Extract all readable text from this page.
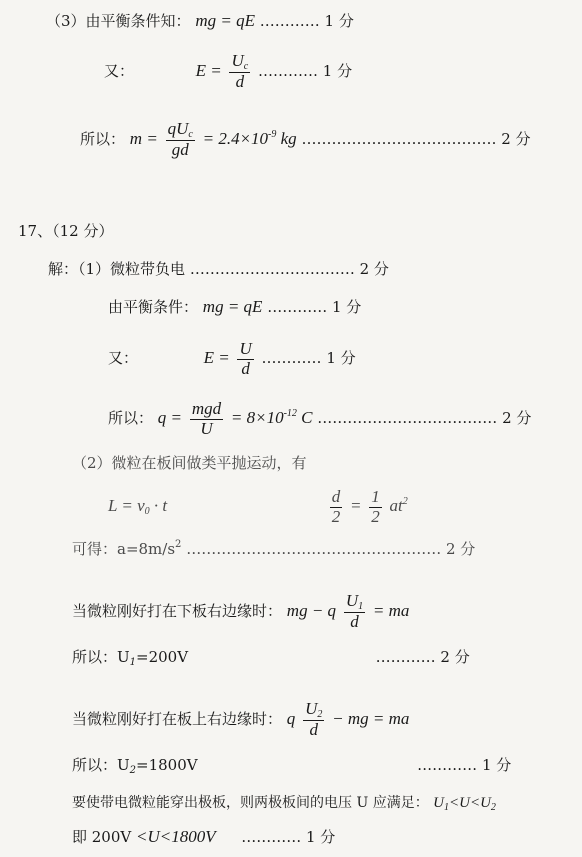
（3）由平衡条件知： mg = qE ………… 1 分
又：	$E = \frac{U_c}{d}$ ………… 1 分
所以： $m = \frac{qU_c}{gd} = 2.4\times 10^{-9}$ kg ………………………………… 2 分
17、（12 分）
解：（1）微粒带负电 …………………………… 2 分
由平衡条件： mg = qE ………… 1 分
又：	$E = \frac{U}{d}$ ………… 1 分
所以： $q = \frac{\text{mgd}}{U} = 8\times 10^{-12}$ C ……………………………… 2 分
（2）微粒在板间做类平抛运动，有
$L = v_0 \cdot t$	$\frac{d}{2} = \frac{1}{2} at^2$
可得：$a=8m/s^2$ …………………………………………… 2 分
当微粒刚好打在下板右边缘时： mg − q $\frac{U_1}{d}$ = ma
所以：$U_1=200V$	………… 2 分
当微粒刚好打在板上右边缘时： q $\frac{U_2}{d}$ − mg = ma
所以：$U_2=1800V$	………… 1 分
要使带电微粒能穿出极板，则两极板间的电压 U 应满足： $U_1<U<U_2$
即 200V <U<1800V ………… 1 分
